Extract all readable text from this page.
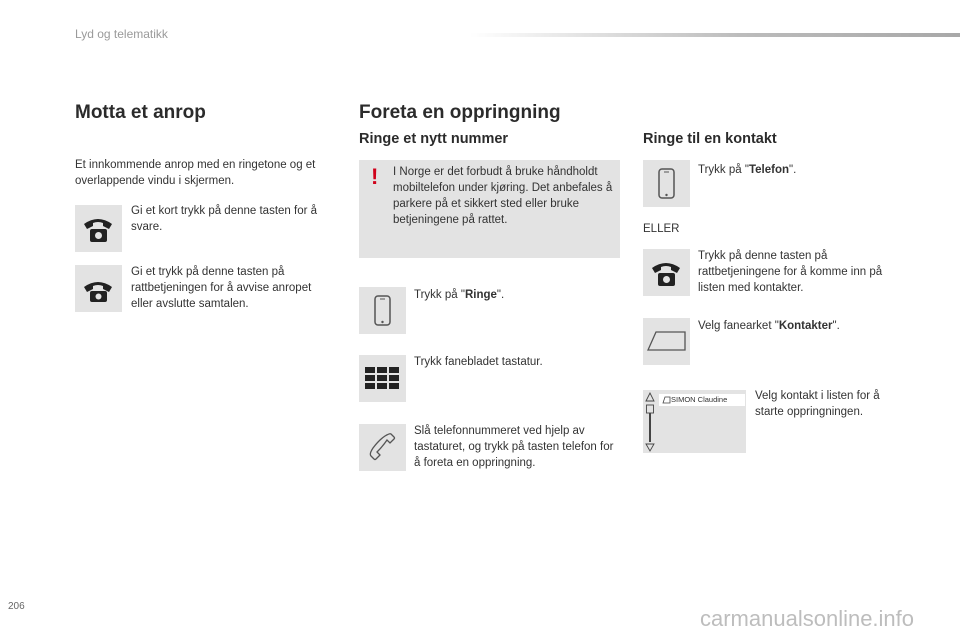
Lyd og telematikk
Motta et anrop
Et innkommende anrop med en ringetone og et overlappende vindu i skjermen.
Gi et kort trykk på denne tasten for å svare.
Gi et trykk på denne tasten på rattbetjeningen for å avvise anropet eller avslutte samtalen.
Foreta en oppringning
Ringe et nytt nummer
! I Norge er det forbudt å bruke håndholdt mobiltelefon under kjøring. Det anbefales å parkere på et sikkert sted eller bruke betjeningene på rattet.
Trykk på "Ringe".
Trykk fanebladet tastatur.
Slå telefonnummeret ved hjelp av tastaturet, og trykk på tasten telefon for å foreta en oppringning.
Ringe til en kontakt
Trykk på "Telefon".
ELLER
Trykk på denne tasten på rattbetjeningene for å komme inn på listen med kontakter.
Velg fanearket "Kontakter".
SIMON Claudine Velg kontakt i listen for å starte oppringningen.
206	carmanualsonline.info
